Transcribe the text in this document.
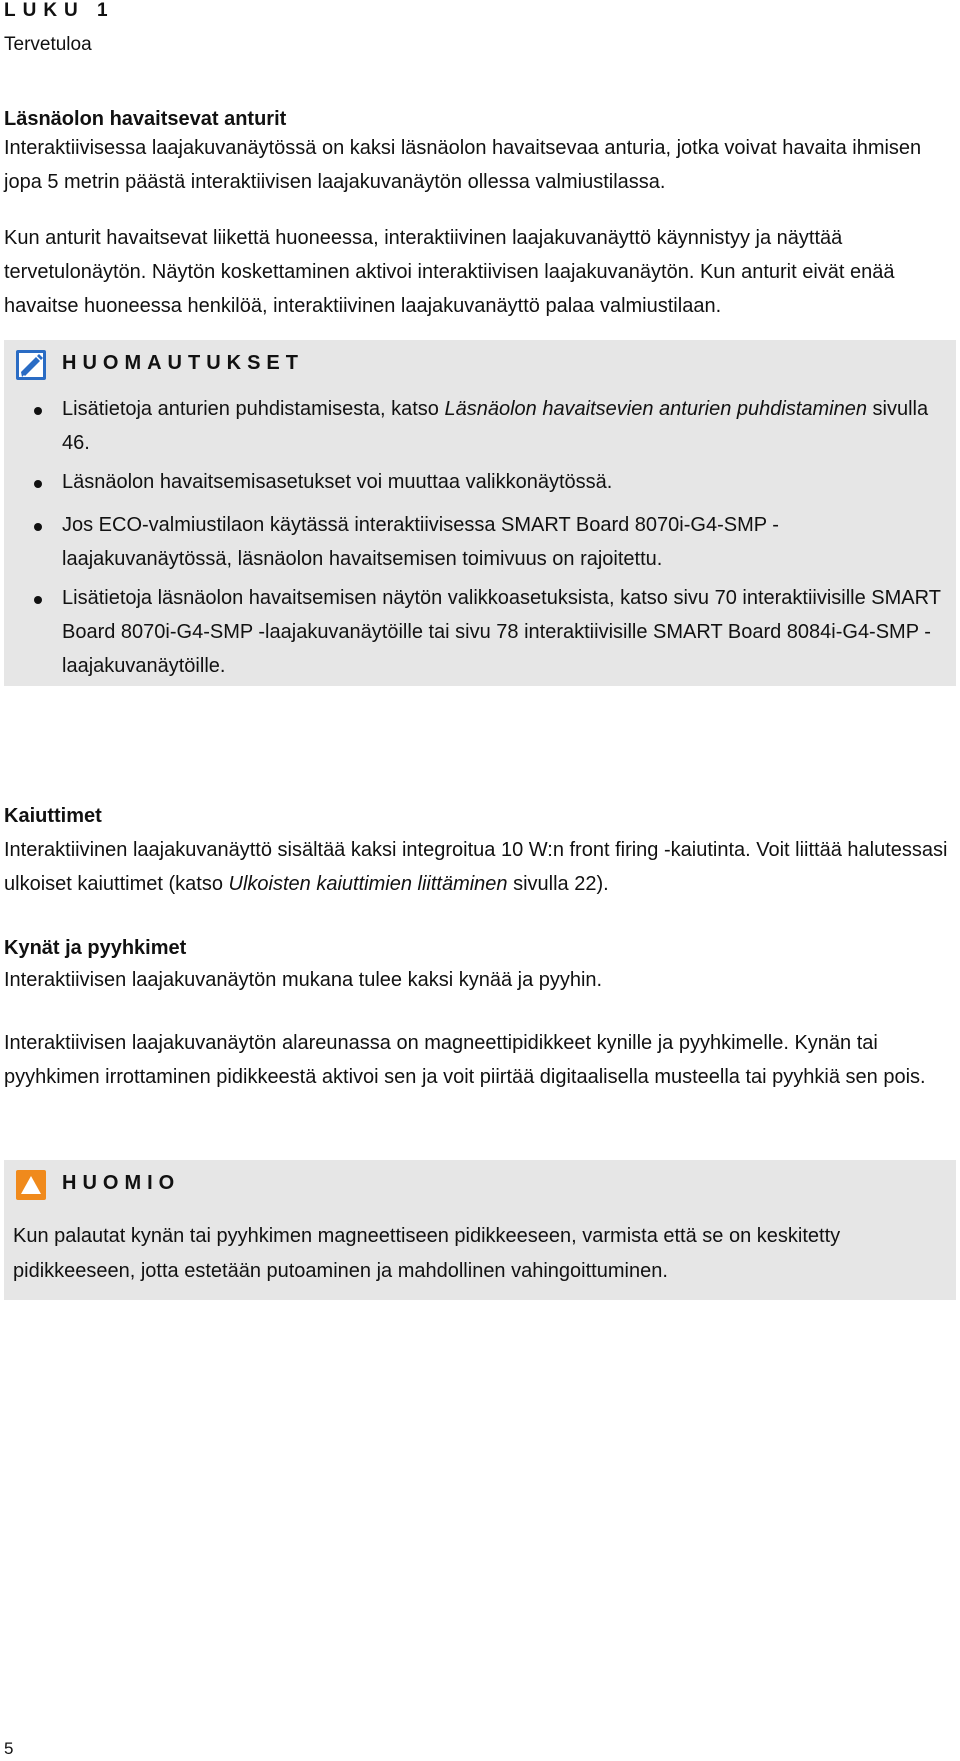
LUKU 1
Tervetuloa
Läsnäolon havaitsevat anturit
Interaktiivisessa laajakuvanäytössä on kaksi läsnäolon havaitsevaa anturia, jotka voivat havaita ihmisen jopa 5 metrin päästä interaktiivisen laajakuvanäytön ollessa valmiustilassa.
Kun anturit havaitsevat liikettä huoneessa, interaktiivinen laajakuvanäyttö käynnistyy ja näyttää tervetulonäytön. Näytön koskettaminen aktivoi interaktiivisen laajakuvanäytön. Kun anturit eivät enää havaitse huoneessa henkilöä, interaktiivinen laajakuvanäyttö palaa valmiustilaan.
HUOMAUTUKSET
Lisätietoja anturien puhdistamisesta, katso Läsnäolon havaitsevien anturien puhdistaminen sivulla 46.
Läsnäolon havaitsemisasetukset voi muuttaa valikkonäytössä.
Jos ECO-valmiustilaon käytässä interaktiivisessa SMART Board 8070i-G4-SMP -laajakuvanäytössä, läsnäolon havaitsemisen toimivuus on rajoitettu.
Lisätietoja läsnäolon havaitsemisen näytön valikkoasetuksista, katso sivu 70 interaktiivisille SMART Board 8070i-G4-SMP -laajakuvanäytöille tai sivu 78 interaktiivisille SMART Board 8084i-G4-SMP -laajakuvanäytöille.
Kaiuttimet
Interaktiivinen laajakuvanäyttö sisältää kaksi integroitua 10 W:n front firing -kaiutinta. Voit liittää halutessasi ulkoiset kaiuttimet (katso Ulkoisten kaiuttimien liittäminen sivulla 22).
Kynät ja pyyhkimet
Interaktiivisen laajakuvanäytön mukana tulee kaksi kynää ja pyyhin.
Interaktiivisen laajakuvanäytön alareunassa on magneettipidikkeet kynille ja pyyhkimelle. Kynän tai pyyhkimen irrottaminen pidikkeestä aktivoi sen ja voit piirtää digitaalisella musteella tai pyyhkiä sen pois.
HUOMIO
Kun palautat kynän tai pyyhkimen magneettiseen pidikkeeseen, varmista että se on keskitetty pidikkeeseen, jotta estetään putoaminen ja mahdollinen vahingoittuminen.
5
